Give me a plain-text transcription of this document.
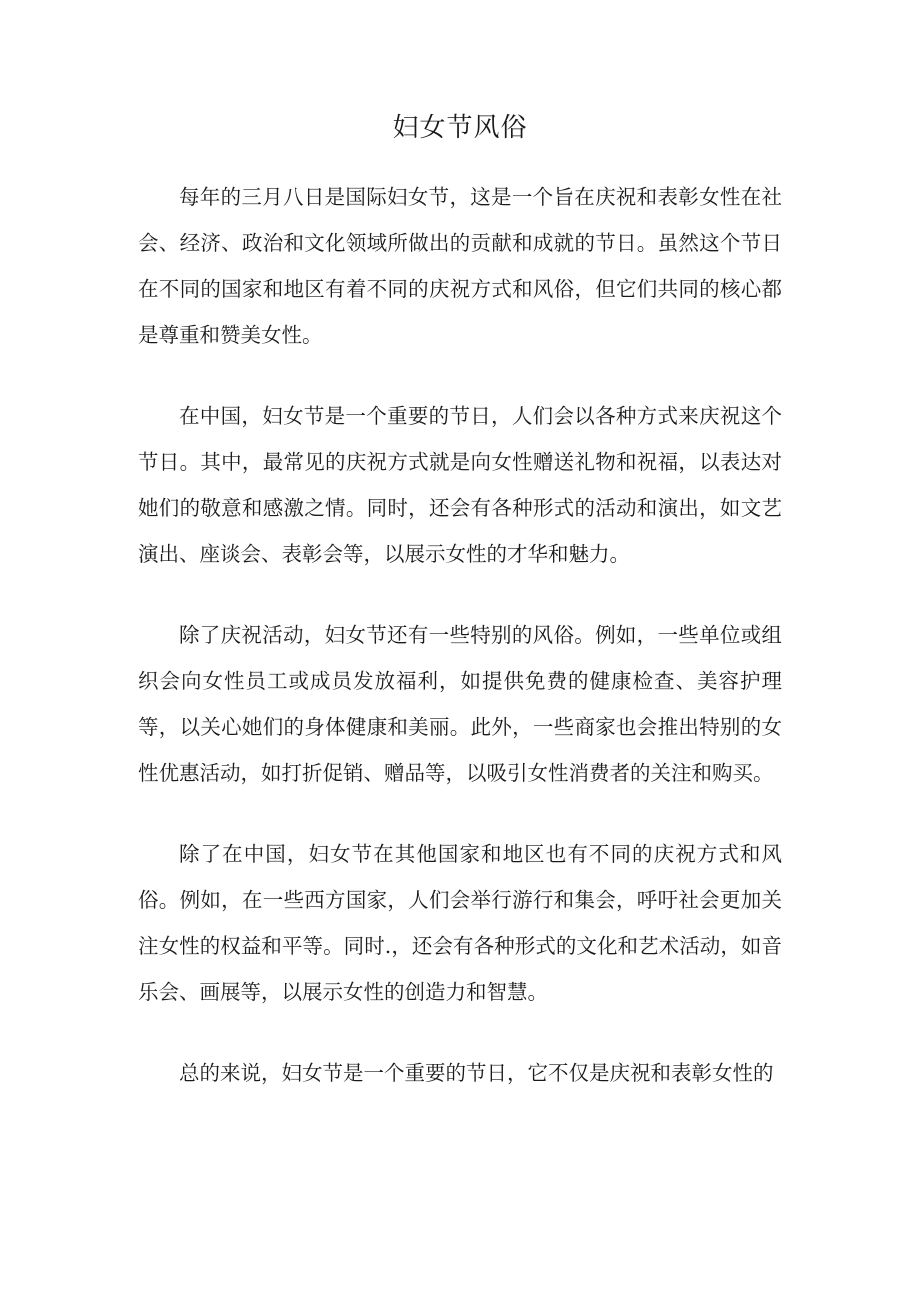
妇女节风俗

每年的三月八日是国际妇女节，这是一个旨在庆祝和表彰女性在社会、经济、政治和文化领域所做出的贡献和成就的节日。虽然这个节日在不同的国家和地区有着不同的庆祝方式和风俗，但它们共同的核心都是尊重和赞美女性。

在中国，妇女节是一个重要的节日，人们会以各种方式来庆祝这个节日。其中，最常见的庆祝方式就是向女性赠送礼物和祝福，以表达对她们的敬意和感激之情。同时，还会有各种形式的活动和演出，如文艺演出、座谈会、表彰会等，以展示女性的才华和魅力。

除了庆祝活动，妇女节还有一些特别的风俗。例如，一些单位或组织会向女性员工或成员发放福利，如提供免费的健康检查、美容护理等，以关心她们的身体健康和美丽。此外，一些商家也会推出特别的女性优惠活动，如打折促销、赠品等，以吸引女性消费者的关注和购买。

除了在中国，妇女节在其他国家和地区也有不同的庆祝方式和风俗。例如，在一些西方国家，人们会举行游行和集会，呼吁社会更加关注女性的权益和平等。同时.，还会有各种形式的文化和艺术活动，如音乐会、画展等，以展示女性的创造力和智慧。

总的来说，妇女节是一个重要的节日，它不仅是庆祝和表彰女性的
